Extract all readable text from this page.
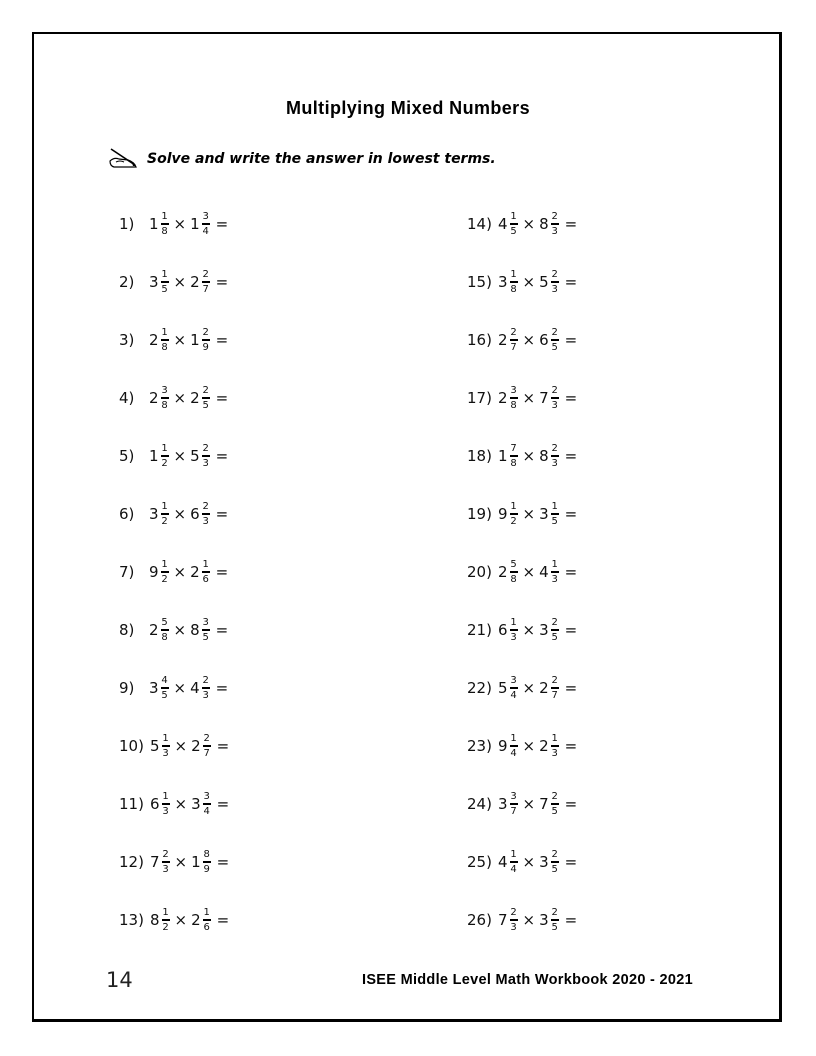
Multiplying Mixed Numbers
Solve and write the answer in lowest terms.
1) $1 \frac{1}{8} \times 1 \frac{3}{4}$ =
2) $3 \frac{1}{5} \times 2 \frac{2}{7}$ =
3) $2 \frac{1}{8} \times 1 \frac{2}{9}$ =
4) $2 \frac{3}{8} \times 2 \frac{2}{5}$ =
5) $1 \frac{1}{2} \times 5 \frac{2}{3}$ =
6) $3 \frac{1}{2} \times 6 \frac{2}{3}$ =
7) $9 \frac{1}{2} \times 2 \frac{1}{6}$ =
8) $2 \frac{5}{8} \times 8 \frac{3}{5}$ =
9) $3 \frac{4}{5} \times 4 \frac{2}{3}$ =
10) $5 \frac{1}{3} \times 2 \frac{2}{7}$ =
11) $6 \frac{1}{3} \times 3 \frac{3}{4}$ =
12) $7 \frac{2}{3} \times 1 \frac{8}{9}$ =
13) $8 \frac{1}{2} \times 2 \frac{1}{6}$ =
14) $4 \frac{1}{5} \times 8 \frac{2}{3}$ =
15) $3 \frac{1}{8} \times 5 \frac{2}{3}$ =
16) $2 \frac{2}{7} \times 6 \frac{2}{5}$ =
17) $2 \frac{3}{8} \times 7 \frac{2}{3}$ =
18) $1 \frac{7}{8} \times 8 \frac{2}{3}$ =
19) $9 \frac{1}{2} \times 3 \frac{1}{5}$ =
20) $2 \frac{5}{8} \times 4 \frac{1}{3}$ =
21) $6 \frac{1}{3} \times 3 \frac{2}{5}$ =
22) $5 \frac{3}{4} \times 2 \frac{2}{7}$ =
23) $9 \frac{1}{4} \times 2 \frac{1}{3}$ =
24) $3 \frac{3}{7} \times 7 \frac{2}{5}$ =
25) $4 \frac{1}{4} \times 3 \frac{2}{5}$ =
26) $7 \frac{2}{3} \times 3 \frac{2}{5}$ =
14	ISEE Middle Level Math Workbook 2020 - 2021
